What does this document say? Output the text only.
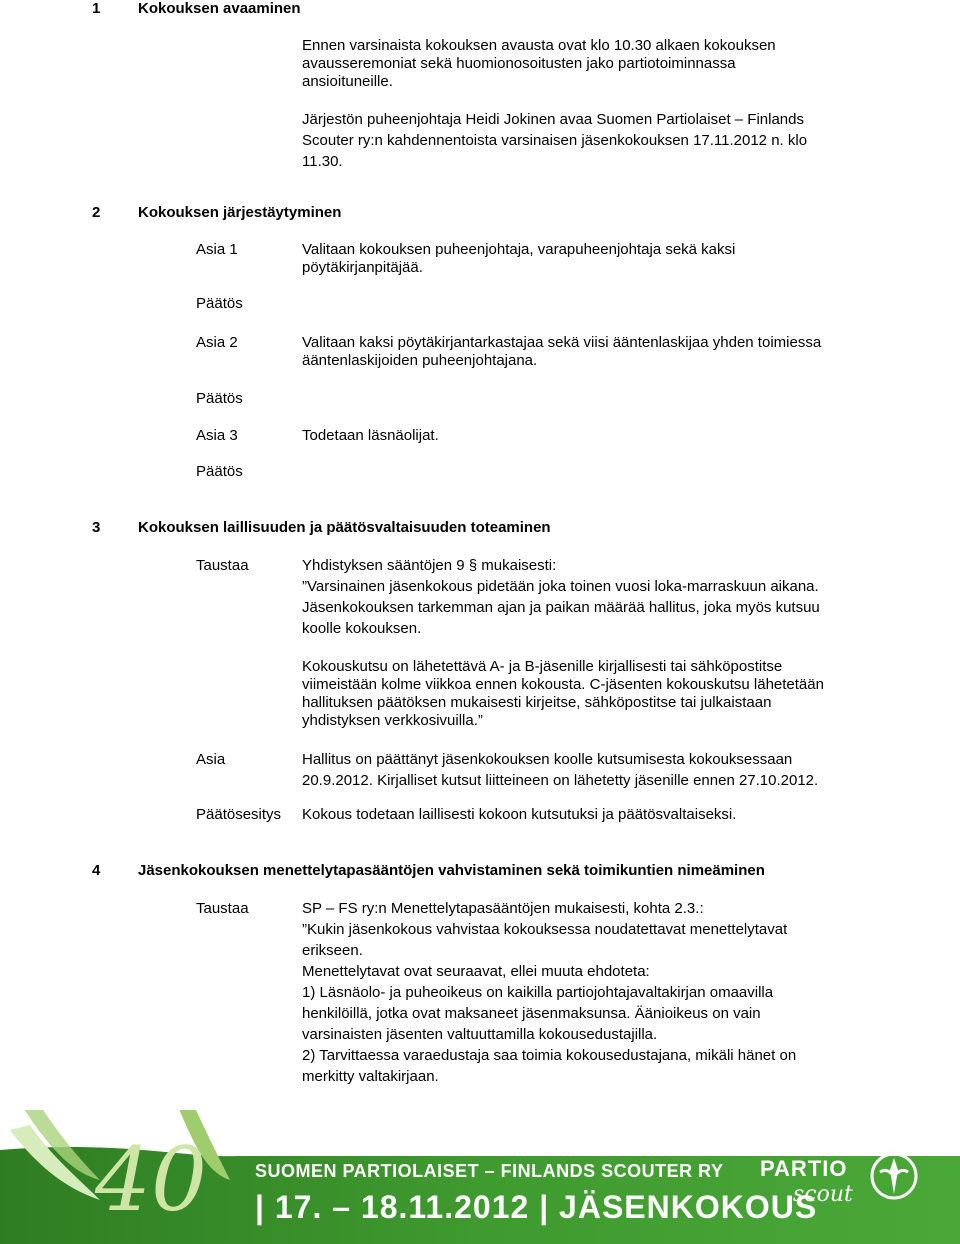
1	Kokouksen avaaminen
Ennen varsinaista kokouksen avausta ovat klo 10.30 alkaen kokouksen
avausseremoniat sekä huomionosoitusten jako partiotoiminnassa
ansioituneille.
Järjestön puheenjohtaja Heidi Jokinen avaa Suomen Partiolaiset – Finlands
Scouter ry:n kahdennentoista varsinaisen jäsenkokouksen 17.11.2012 n. klo
11.30.
2	Kokouksen järjestäytyminen
Asia 1	Valitaan kokouksen puheenjohtaja, varapuheenjohtaja sekä kaksi
pöytäkirjanpitäjää.
Päätös
Asia 2	Valitaan kaksi pöytäkirjantarkastajaa sekä viisi ääntenlaskijaa yhden toimiessa
ääntenlaskijoiden puheenjohtajana.
Päätös
Asia 3	Todetaan läsnäolijat.
Päätös
3	Kokouksen laillisuuden ja päätösvaltaisuuden toteaminen
Taustaa	Yhdistyksen sääntöjen 9 § mukaisesti:
”Varsinainen jäsenkokous pidetään joka toinen vuosi loka-marraskuun aikana.
Jäsenkokouksen tarkemman ajan ja paikan määrää hallitus, joka myös kutsuu
koolle kokouksen.
Kokouskutsu on lähetettävä A- ja B-jäsenille kirjallisesti tai sähköpostitse
viimeistään kolme viikkoa ennen kokousta. C-jäsenten kokouskutsu lähetetään
hallituksen päätöksen mukaisesti kirjeitse, sähköpostitse tai julkaistaan
yhdistyksen verkkosivuilla.”
Asia	Hallitus on päättänyt jäsenkokouksen koolle kutsumisesta kokouksessaan
20.9.2012. Kirjalliset kutsut liitteineen on lähetetty jäsenille ennen 27.10.2012.
Päätösesitys Kokous todetaan laillisesti kokoon kutsutuksi ja päätösvaltaiseksi.
4	Jäsenkokouksen menettelytapasääntöjen vahvistaminen sekä toimikuntien nimeäminen
Taustaa	SP – FS ry:n Menettelytapasääntöjen mukaisesti, kohta 2.3.:
”Kukin jäsenkokous vahvistaa kokouksessa noudatettavat menettelytavat
erikseen.
Menettelytavat ovat seuraavat, ellei muuta ehdoteta:
1) Läsnäolo- ja puheoikeus on kaikilla partiojohtajavaltakirjan omaavilla
henkilöillä, jotka ovat maksaneet jäsenmaksunsa. Äänioikeus on vain
varsinaisten jäsenten valtuuttamilla kokousedustajilla.
2) Tarvittaessa varaedustaja saa toimia kokousedustajana, mikäli hänet on
merkitty valtakirjaan.
40	SUOMEN PARTIOLAISET – FINLANDS SCOUTER RY
| 17. – 18.11.2012 | JÄSENKOKOUS
PARTIO
scout
